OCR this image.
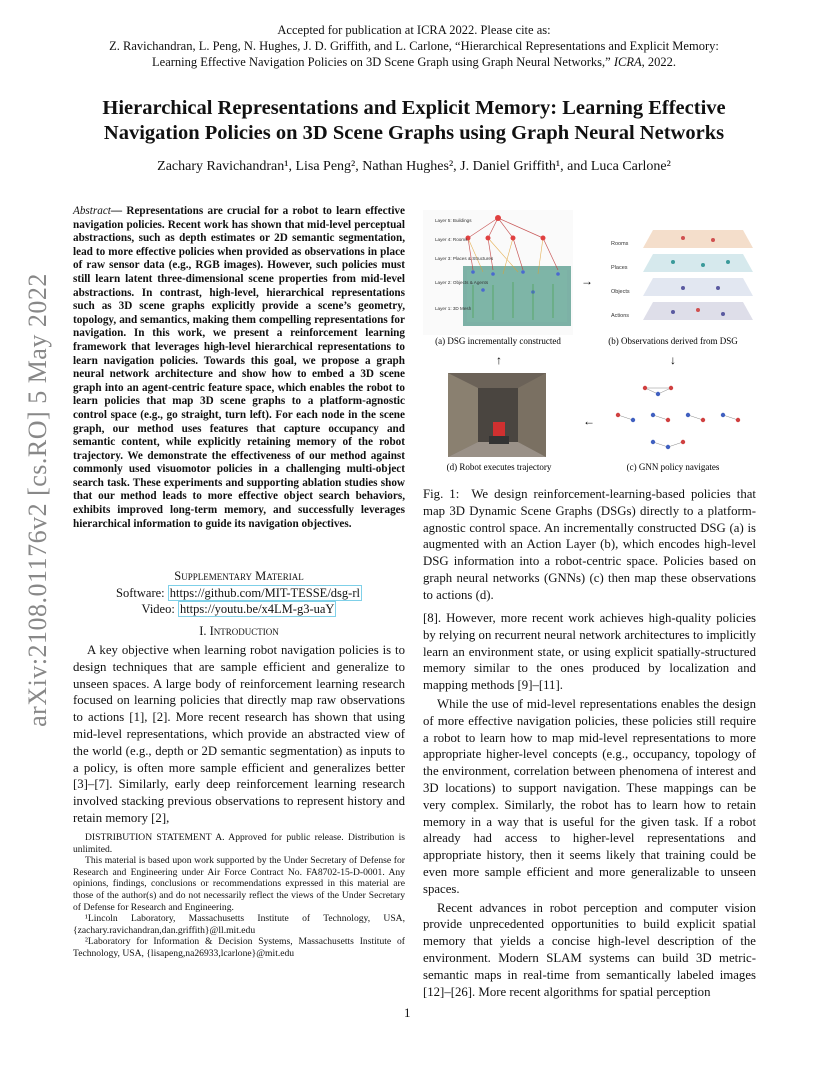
Accepted for publication at ICRA 2022. Please cite as:
Z. Ravichandran, L. Peng, N. Hughes, J. D. Griffith, and L. Carlone, “Hierarchical Representations and Explicit Memory:
Learning Effective Navigation Policies on 3D Scene Graph using Graph Neural Networks,” ICRA, 2022.
Hierarchical Representations and Explicit Memory: Learning Effective
Navigation Policies on 3D Scene Graphs using Graph Neural Networks
Zachary Ravichandran¹, Lisa Peng², Nathan Hughes², J. Daniel Griffith¹, and Luca Carlone²
arXiv:2108.01176v2 [cs.RO] 5 May 2022
Abstract— Representations are crucial for a robot to learn effective navigation policies. Recent work has shown that mid-level perceptual abstractions, such as depth estimates or 2D semantic segmentation, lead to more effective policies when provided as observations in place of raw sensor data (e.g., RGB images). However, such policies must still learn latent three-dimensional scene properties from mid-level abstractions. In contrast, high-level, hierarchical representations such as 3D scene graphs explicitly provide a scene’s geometry, topology, and semantics, making them compelling representations for navigation. In this work, we present a reinforcement learning framework that leverages high-level hierarchical representations to learn navigation policies. Towards this goal, we propose a graph neural network architecture and show how to embed a 3D scene graph into an agent-centric feature space, which enables the robot to learn policies that map 3D scene graphs to a platform-agnostic control space (e.g., go straight, turn left). For each node in the scene graph, our method uses features that capture occupancy and semantic content, while explicitly retaining memory of the robot trajectory. We demonstrate the effectiveness of our method against commonly used visuomotor policies in a challenging multi-object search task. These experiments and supporting ablation studies show that our method leads to more effective object search behaviors, exhibits improved long-term memory, and successfully leverages hierarchical information to guide its navigation objectives.
Supplementary Material
Software: https://github.com/MIT-TESSE/dsg-rl
Video: https://youtu.be/x4LM-g3-uaY
I. Introduction
A key objective when learning robot navigation policies is to design techniques that are sample efficient and generalize to unseen spaces. A large body of reinforcement learning research focused on learning policies that directly map raw observations to actions [1], [2]. More recent research has shown that using mid-level representations, which provide an abstracted view of the world (e.g., depth or 2D semantic segmentation) as inputs to a policy, is often more sample efficient and generalizes better [3]–[7]. Similarly, early deep reinforcement learning research involved stacking previous observations to represent history and retain memory [2],
DISTRIBUTION STATEMENT A. Approved for public release. Distribution is unlimited.
This material is based upon work supported by the Under Secretary of Defense for Research and Engineering under Air Force Contract No. FA8702-15-D-0001. Any opinions, findings, conclusions or recommendations expressed in this material are those of the author(s) and do not necessarily reflect the views of the Under Secretary of Defense for Research and Engineering.
¹Lincoln Laboratory, Massachusetts Institute of Technology, USA, {zachary.ravichandran,dan.griffith}@ll.mit.edu
²Laboratory for Information & Decision Systems, Massachusetts Institute of Technology, USA, {lisapeng,na26933,lcarlone}@mit.edu
Layer 5: Buildings
Layer 4: Rooms
Layer 3: Places & Structures
Layer 2: Objects & Agents
Layer 1: 3D Mesh
(a) DSG incrementally constructed
→
Rooms
Places
Objects
Actions
(b) Observations derived from DSG
↑	↓
(d) Robot executes trajectory
←
(c) GNN policy navigates
Fig. 1: We design reinforcement-learning-based policies that map 3D Dynamic Scene Graphs (DSGs) directly to a platform-agnostic control space. An incrementally constructed DSG (a) is augmented with an Action Layer (b), which encodes high-level DSG information into a robot-centric space. Policies based on graph neural networks (GNNs) (c) then map these observations to actions (d).
[8]. However, more recent work achieves high-quality policies by relying on recurrent neural network architectures to implicitly learn an environment state, or using explicit spatially-structured memory similar to the ones produced by localization and mapping methods [9]–[11].
While the use of mid-level representations enables the design of more effective navigation policies, these policies still require a robot to learn how to map mid-level representations to more appropriate higher-level concepts (e.g., occupancy, topology of the environment, correlation between phenomena of interest and 3D locations) to support navigation. These mappings can be very complex. Similarly, the robot has to learn how to retain memory in a way that is useful for the given task. If a robot already had access to higher-level representations and appropriate history, then it seems likely that training could be even more sample efficient and more generalizable to unseen spaces.
Recent advances in robot perception and computer vision provide unprecedented opportunities to build explicit spatial memory that yields a concise high-level description of the environment. Modern SLAM systems can build 3D metric-semantic maps in real-time from semantically labeled images [12]–[26]. More recent algorithms for spatial perception
1
